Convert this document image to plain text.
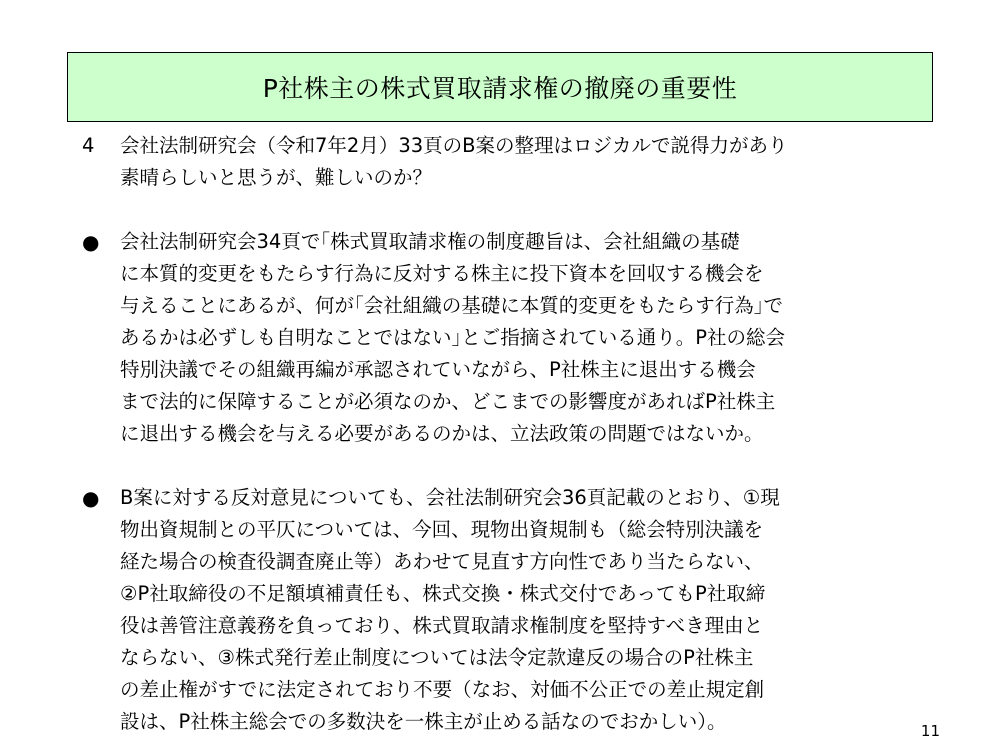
P社株主の株式買取請求権の撤廃の重要性
4	会社法制研究会（令和7年2月）33頁のB案の整理はロジカルで説得力があり
素晴らしいと思うが、難しいのか？
●	会社法制研究会34頁で｢株式買取請求権の制度趣旨は、会社組織の基礎
に本質的変更をもたらす行為に反対する株主に投下資本を回収する機会を
与えることにあるが、何が｢会社組織の基礎に本質的変更をもたらす行為｣で
あるかは必ずしも自明なことではない｣とご指摘されている通り。P社の総会
特別決議でその組織再編が承認されていながら、P社株主に退出する機会
まで法的に保障することが必須なのか、どこまでの影響度があればP社株主
に退出する機会を与える必要があるのかは、立法政策の問題ではないか。
●	B案に対する反対意見についても、会社法制研究会36頁記載のとおり、①現
物出資規制との平仄については、今回、現物出資規制も（総会特別決議を
経た場合の検査役調査廃止等）あわせて見直す方向性であり当たらない、
②P社取締役の不足額填補責任も、株式交換・株式交付であってもP社取締
役は善管注意義務を負っており、株式買取請求権制度を堅持すべき理由と
ならない、③株式発行差止制度については法令定款違反の場合のP社株主
の差止権がすでに法定されており不要（なお、対価不公正での差止規定創
設は、P社株主総会での多数決を一株主が止める話なのでおかしい）。	11
